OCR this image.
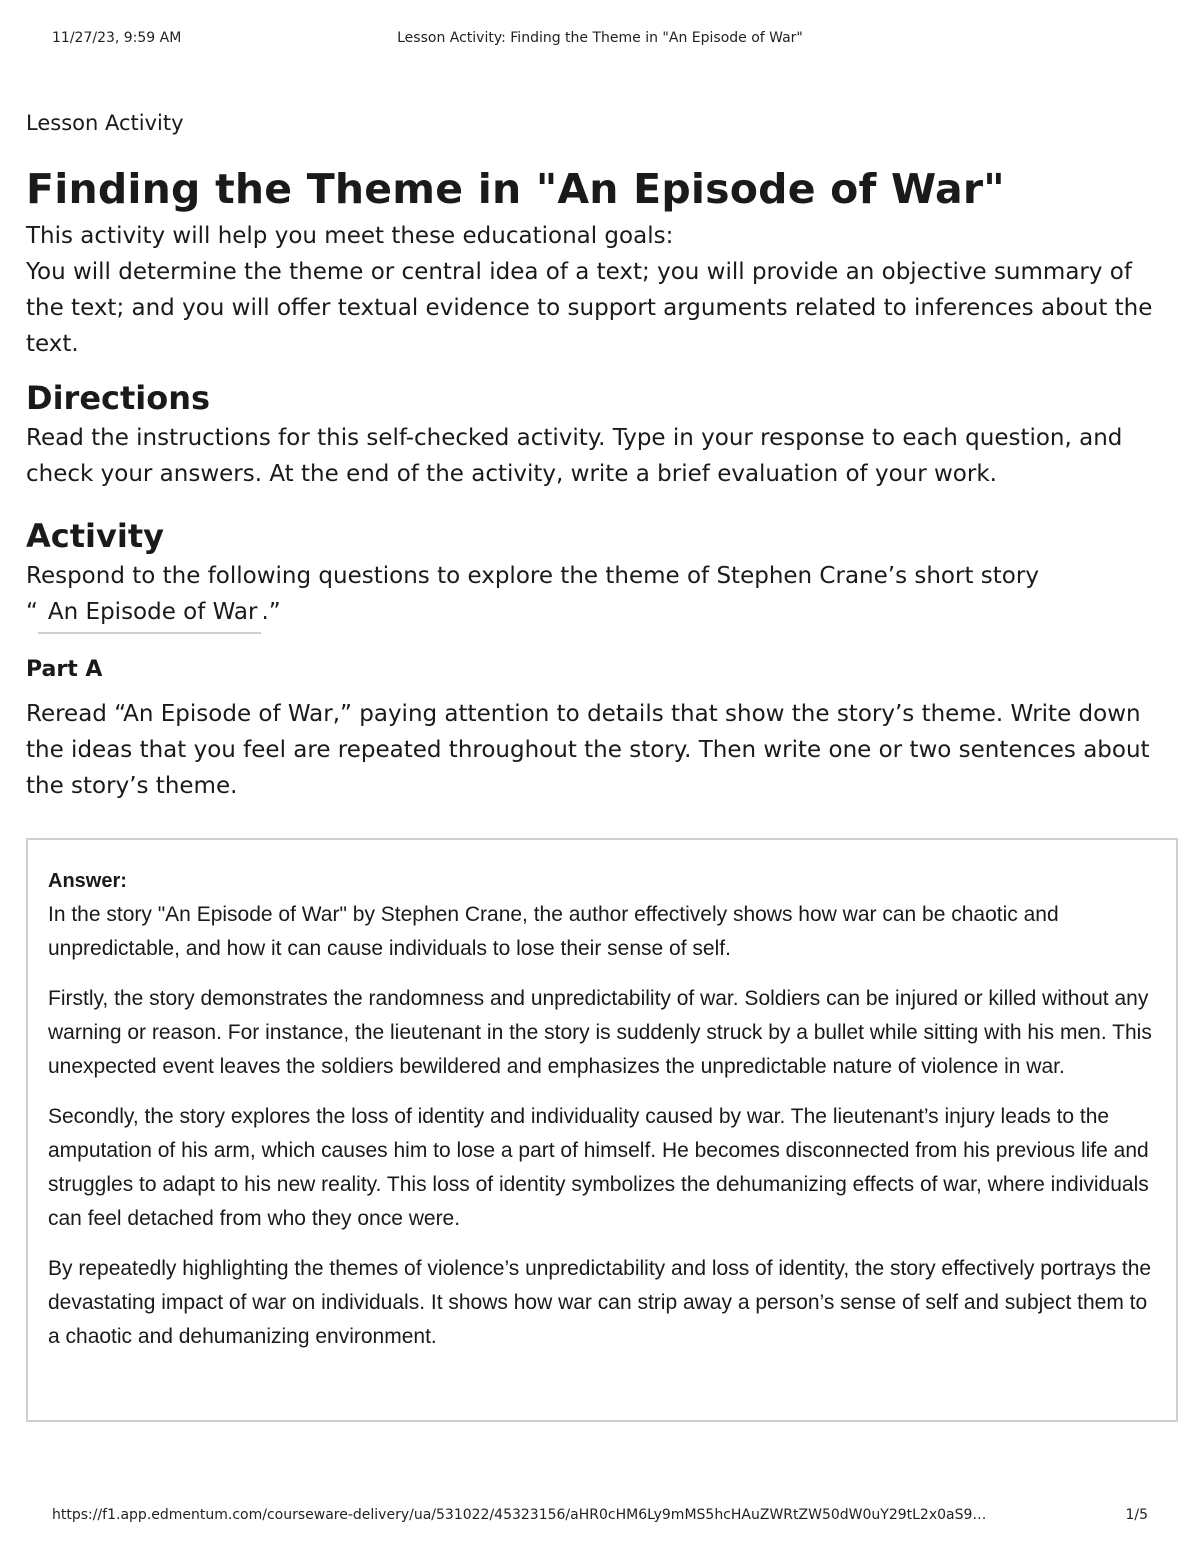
11/27/23, 9:59 AM	Lesson Activity: Finding the Theme in "An Episode of War"
Lesson Activity
Finding the Theme in "An Episode of War"

This activity will help you meet these educational goals:

You will determine the theme or central idea of a text; you will provide an objective summary of the text; and you will offer textual evidence to support arguments related to inferences about the text.

Directions

Read the instructions for this self-checked activity. Type in your response to each question, and check your answers. At the end of the activity, write a brief evaluation of your work.

Activity

Respond to the following questions to explore the theme of Stephen Crane’s short story
“ An Episode of War .”

Part A

Reread “An Episode of War,” paying attention to details that show the story’s theme. Write down the ideas that you feel are repeated throughout the story. Then write one or two sentences about the story’s theme.

Answer:

In the story "An Episode of War" by Stephen Crane, the author effectively shows how war can be chaotic and unpredictable, and how it can cause individuals to lose their sense of self.

Firstly, the story demonstrates the randomness and unpredictability of war. Soldiers can be injured or killed without any warning or reason. For instance, the lieutenant in the story is suddenly struck by a bullet while sitting with his men. This unexpected event leaves the soldiers bewildered and emphasizes the unpredictable nature of violence in war.

Secondly, the story explores the loss of identity and individuality caused by war. The lieutenant’s injury leads to the amputation of his arm, which causes him to lose a part of himself. He becomes disconnected from his previous life and struggles to adapt to his new reality. This loss of identity symbolizes the dehumanizing effects of war, where individuals can feel detached from who they once were.

By repeatedly highlighting the themes of violence’s unpredictability and loss of identity, the story effectively portrays the devastating impact of war on individuals. It shows how war can strip away a person’s sense of self and subject them to a chaotic and dehumanizing environment.

https://f1.app.edmentum.com/courseware-delivery/ua/531022/45323156/aHR0cHM6Ly9mMS5hcHAuZWRtZW50dW0uY29tL2x0aS9…	1/5
